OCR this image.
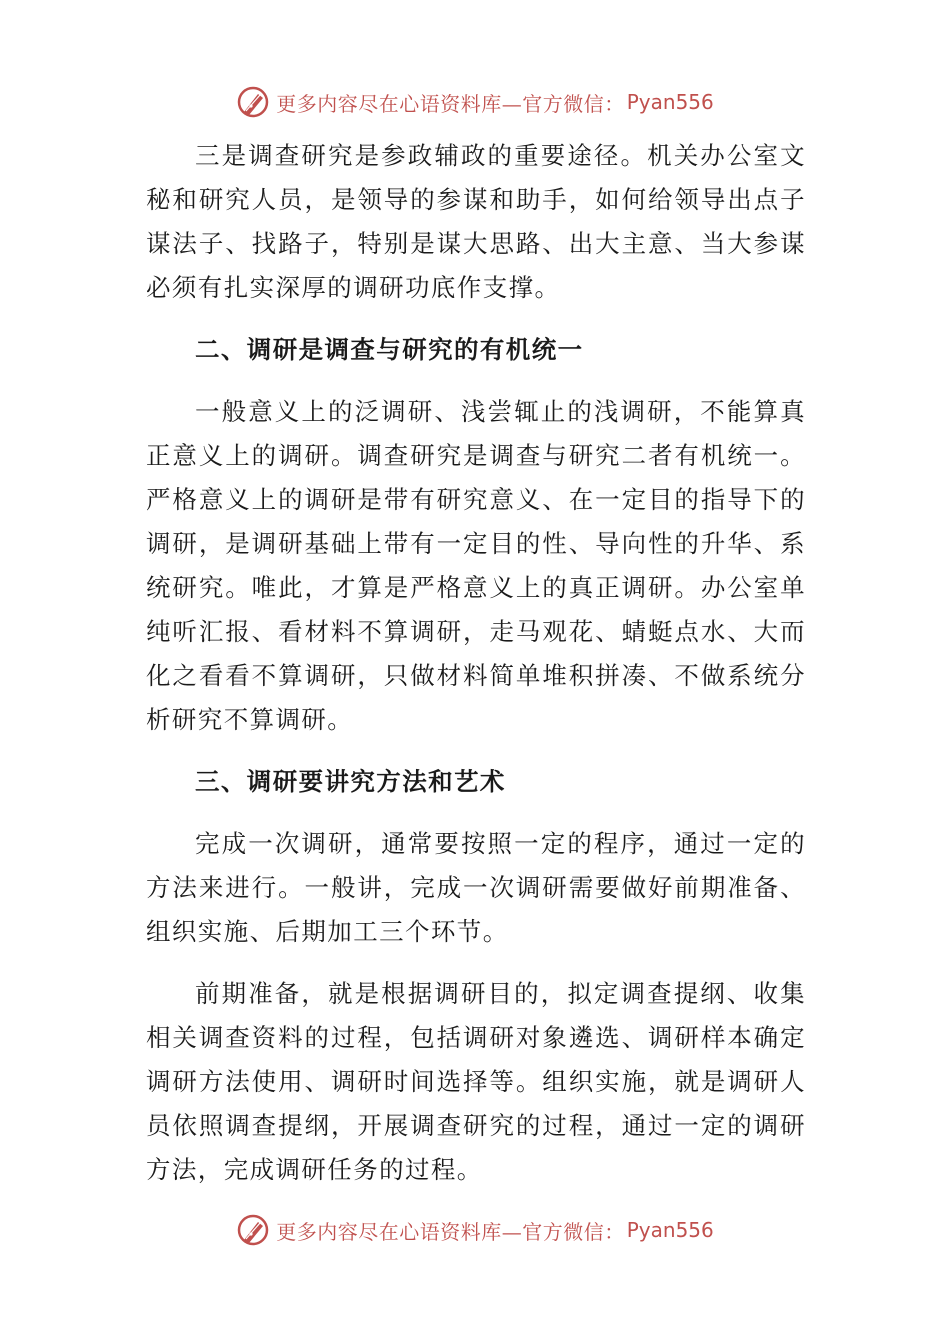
更多内容尽在心语资料库—官方微信： Pyan556

三是调查研究是参政辅政的重要途径。机关办公室文秘和研究人员，是领导的参谋和助手，如何给领导出点子谋法子、找路子，特别是谋大思路、出大主意、当大参谋必须有扎实深厚的调研功底作支撑。

二、调研是调查与研究的有机统一

一般意义上的泛调研、浅尝辄止的浅调研，不能算真正意义上的调研。调查研究是调查与研究二者有机统一。严格意义上的调研是带有研究意义、在一定目的指导下的调研，是调研基础上带有一定目的性、导向性的升华、系统研究。唯此，才算是严格意义上的真正调研。办公室单纯听汇报、看材料不算调研，走马观花、蜻蜓点水、大而化之看看不算调研，只做材料简单堆积拼凑、不做系统分析研究不算调研。

三、调研要讲究方法和艺术

完成一次调研，通常要按照一定的程序，通过一定的方法来进行。一般讲，完成一次调研需要做好前期准备、组织实施、后期加工三个环节。

前期准备，就是根据调研目的，拟定调查提纲、收集相关调查资料的过程，包括调研对象遴选、调研样本确定调研方法使用、调研时间选择等。组织实施，就是调研人员依照调查提纲，开展调查研究的过程，通过一定的调研方法，完成调研任务的过程。

更多内容尽在心语资料库—官方微信： Pyan556
